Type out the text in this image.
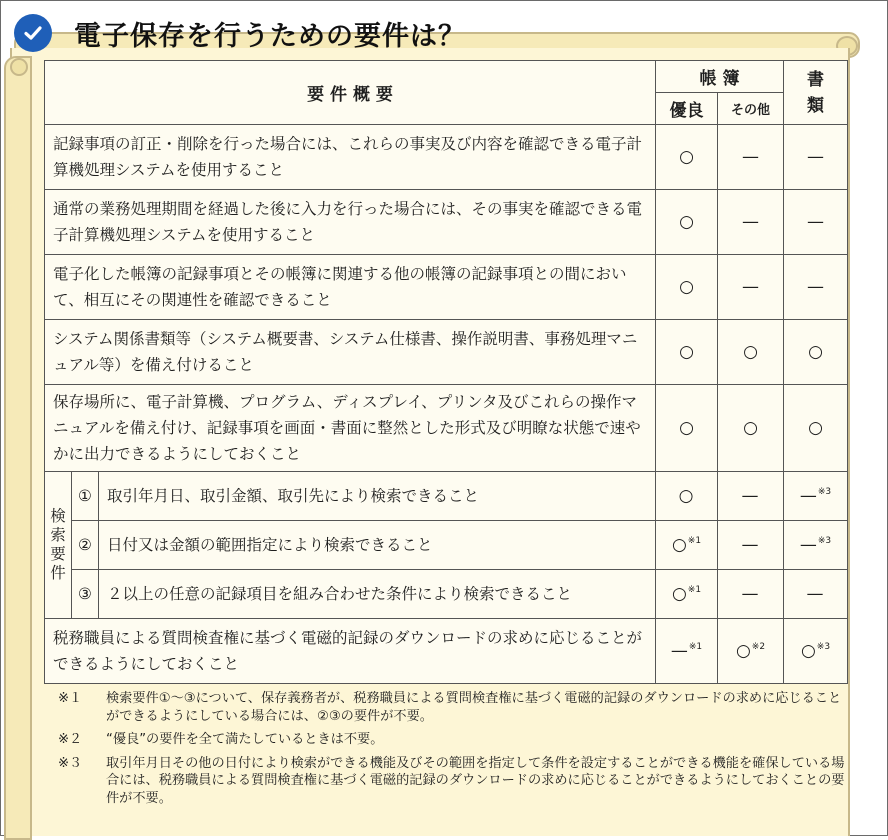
電子保存を行うための要件は？
要 件 概 要			帳 簿		書 類

			優良	その他	
記録事項の訂正・削除を行った場合には、これらの事実及び内容を確認できる電子計算機処理システムを使用すること			○	—	—
通常の業務処理期間を経過した後に入力を行った場合には、その事実を確認できる電子計算機処理システムを使用すること			○	—	—
電子化した帳簿の記録事項とその帳簿に関連する他の帳簿の記録事項との間において、相互にその関連性を確認できること			○	—	—
システム関係書類等（システム概要書、システム仕様書、操作説明書、事務処理マニュアル等）を備え付けること			○	○	○
保存場所に、電子計算機、プログラム、ディスプレイ、プリンタ及びこれらの操作マニュアルを備え付け、記録事項を画面・書面に整然とした形式及び明瞭な状態で速やかに出力できるようにしておくこと			○	○	○

検索要件	①	取引年月日、取引金額、取引先により検索できること	○	—	—$^{※3}$
	②	日付又は金額の範囲指定により検索できること	○$^{※1}$	—	—$^{※3}$
	③	２以上の任意の記録項目を組み合わせた条件により検索できること	○$^{※1}$	—	—
税務職員による質問検査権に基づく電磁的記録のダウンロードの求めに応じることができるようにしておくこと			—$^{※1}$	○$^{※2}$	○$^{※3}$
※１	検索要件①～③について、保存義務者が、税務職員による質問検査権に基づく電磁的記録のダウンロードの求めに応じることができるようにしている場合には、②③の要件が不要。
※２	“優良”の要件を全て満たしているときは不要。
※３	取引年月日その他の日付により検索ができる機能及びその範囲を指定して条件を設定することができる機能を確保している場合には、税務職員による質問検査権に基づく電磁的記録のダウンロードの求めに応じることができるようにしておくことの要件が不要。
